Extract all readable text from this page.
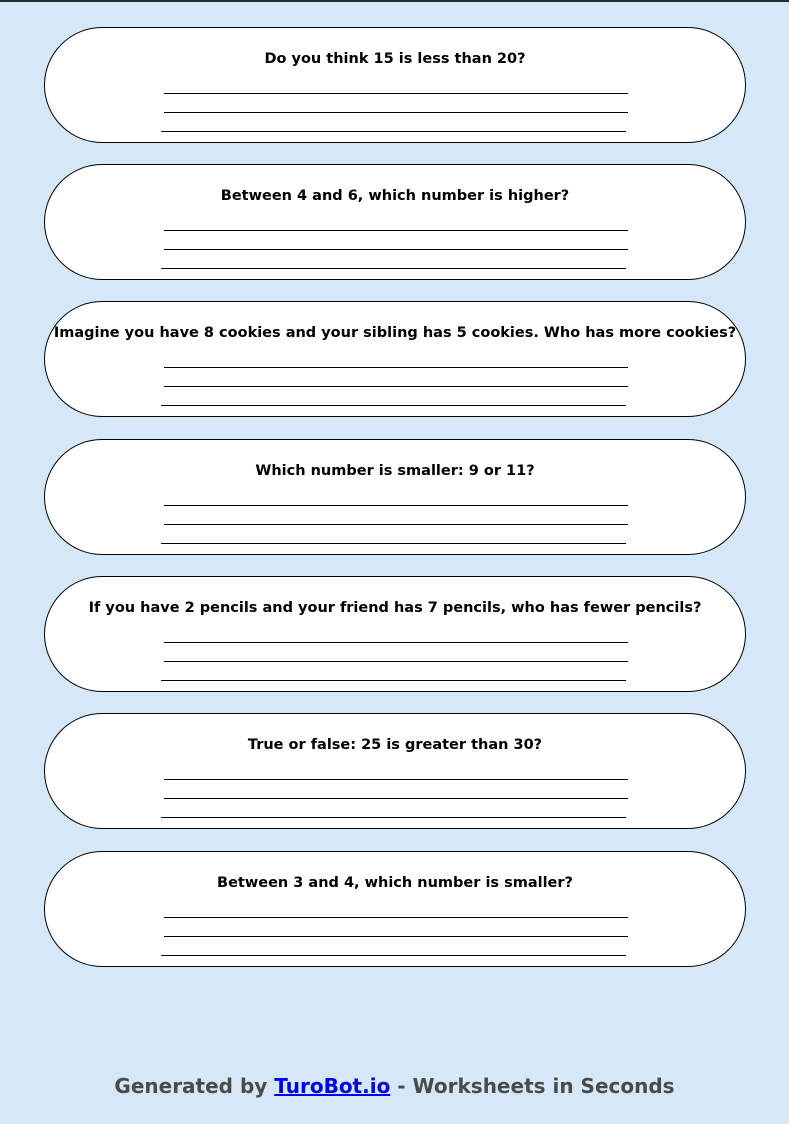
Do you think 15 is less than 20?
Between 4 and 6, which number is higher?
Imagine you have 8 cookies and your sibling has 5 cookies. Who has more cookies?
Which number is smaller: 9 or 11?
If you have 2 pencils and your friend has 7 pencils, who has fewer pencils?
True or false: 25 is greater than 30?
Between 3 and 4, which number is smaller?
Generated by TuroBot.io - Worksheets in Seconds
